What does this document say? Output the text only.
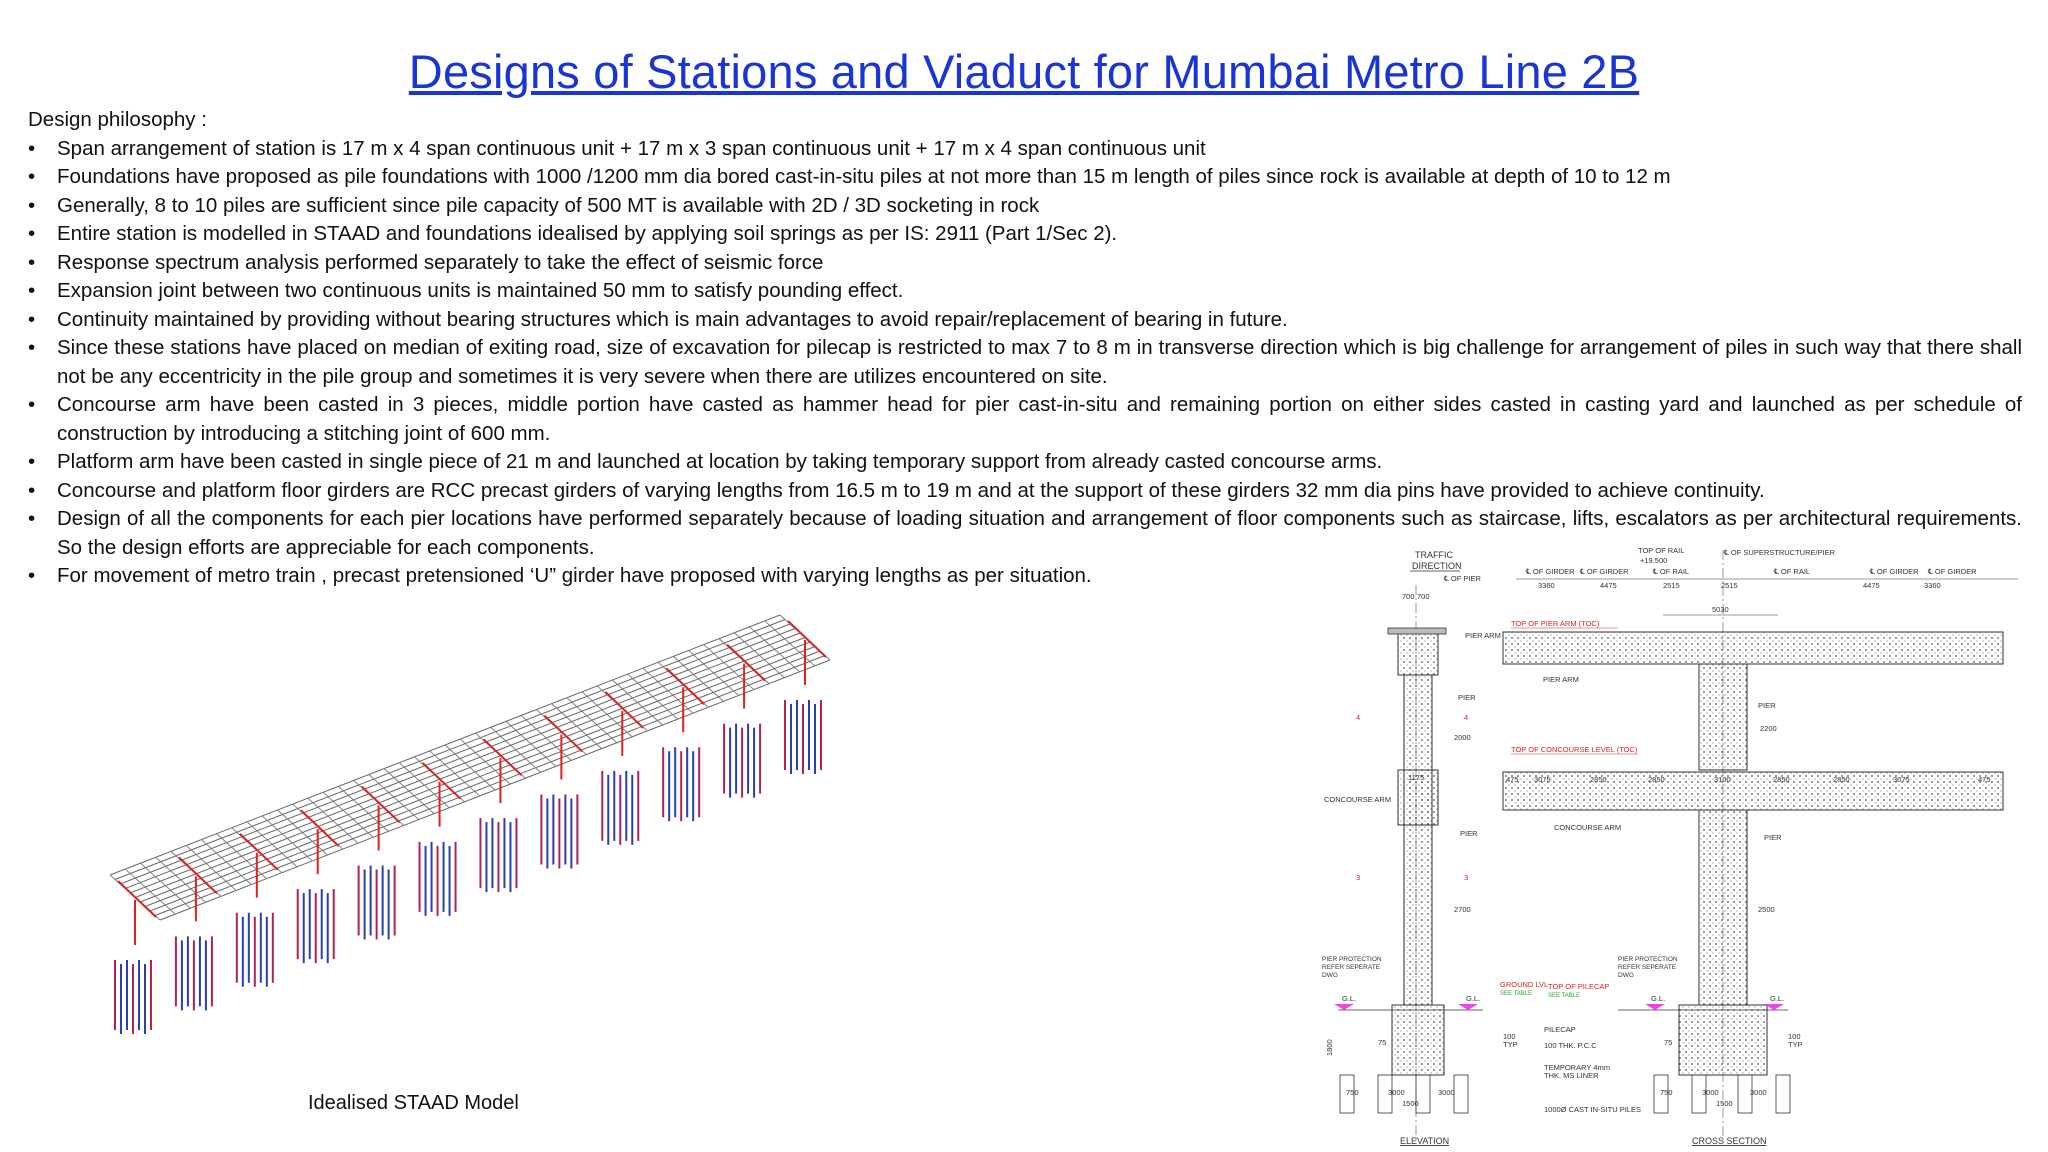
Designs of Stations and Viaduct for Mumbai Metro Line 2B

Design philosophy :

• Span arrangement of station is 17 m x 4 span continuous unit + 17 m x 3 span continuous unit + 17 m x 4 span continuous unit
• Foundations have proposed as pile foundations with 1000 /1200 mm dia bored cast-in-situ piles at not more than 15 m length of piles since rock is available at depth of 10 to 12 m
• Generally, 8 to 10 piles are sufficient since pile capacity of 500 MT is available with 2D / 3D socketing in rock
• Entire station is modelled in STAAD and foundations idealised by applying soil springs as per IS: 2911 (Part 1/Sec 2).
• Response spectrum analysis performed separately to take the effect of seismic force
• Expansion joint between two continuous units is maintained 50 mm to satisfy pounding effect.
• Continuity maintained by providing without bearing structures which is main advantages to avoid repair/replacement of bearing in future.
• Since these stations have placed on median of exiting road, size of excavation for pilecap is restricted to max 7 to 8 m in transverse direction which is big challenge for arrangement of piles in such way that there shall not be any eccentricity in the pile group and sometimes it is very severe when there are utilizes encountered on site.
• Concourse arm have been casted in 3 pieces, middle portion have casted as hammer head for pier cast-in-situ and remaining portion on either sides casted in casting yard and launched as per schedule of construction by introducing a stitching joint of 600 mm.
• Platform arm have been casted in single piece of 21 m and launched at location by taking temporary support from already casted concourse arms.
• Concourse and platform floor girders are RCC precast girders of varying lengths from 16.5 m to 19 m and at the support of these girders 32 mm dia pins have provided to achieve continuity.
• Design of all the components for each pier locations have performed separately because of loading situation and arrangement of floor components such as staircase, lifts, escalators as per architectural requirements. So the design efforts are appreciable for each components.
• For movement of metro train , precast pretensioned ‘U” girder have proposed with varying lengths as per situation.
Idealised STAAD Model
TRAFFIC
DIRECTION
℄ OF PIER
TOP OF RAIL
+19.500
℄ OF SUPERSTRUCTURE/PIER
℄ OF GIRDER ℄ OF GIRDER	℄ OF RAIL	℄ OF RAIL	℄ OF GIRDER ℄ OF GIRDER
3360	4475	2515	2515	4475	3360
700 700
5030
PIER ARM
PIER
4	4
2000
1175
CONCOURSE ARM
PIER
3	3
2700
PIER PROTECTION
REFER SEPERATE
DWG
G.L.	G.L.
GROUND LVL
SEE TABLE
1800	75
750	3000	3000
1500
ELEVATION
TOP OF PIER ARM (TOC)
PIER ARM
PIER
2200
TOP OF CONCOURSE LEVEL (TOC)
475 3075	2850	2850	3100	2850	2850	3075	475
CONCOURSE ARM
PIER
2500
PIER PROTECTION
REFER SEPERATE
DWG
TOP OF PILECAP
SEE TABLE	G.L.	G.L.
PILECAP
100 THK. P.C.C
100
TYP
100
TYP
TEMPORARY 4mm
THK. MS LINER
1000Ø CAST IN-SITU PILES
75
750	3000	3000
1500
CROSS SECTION
